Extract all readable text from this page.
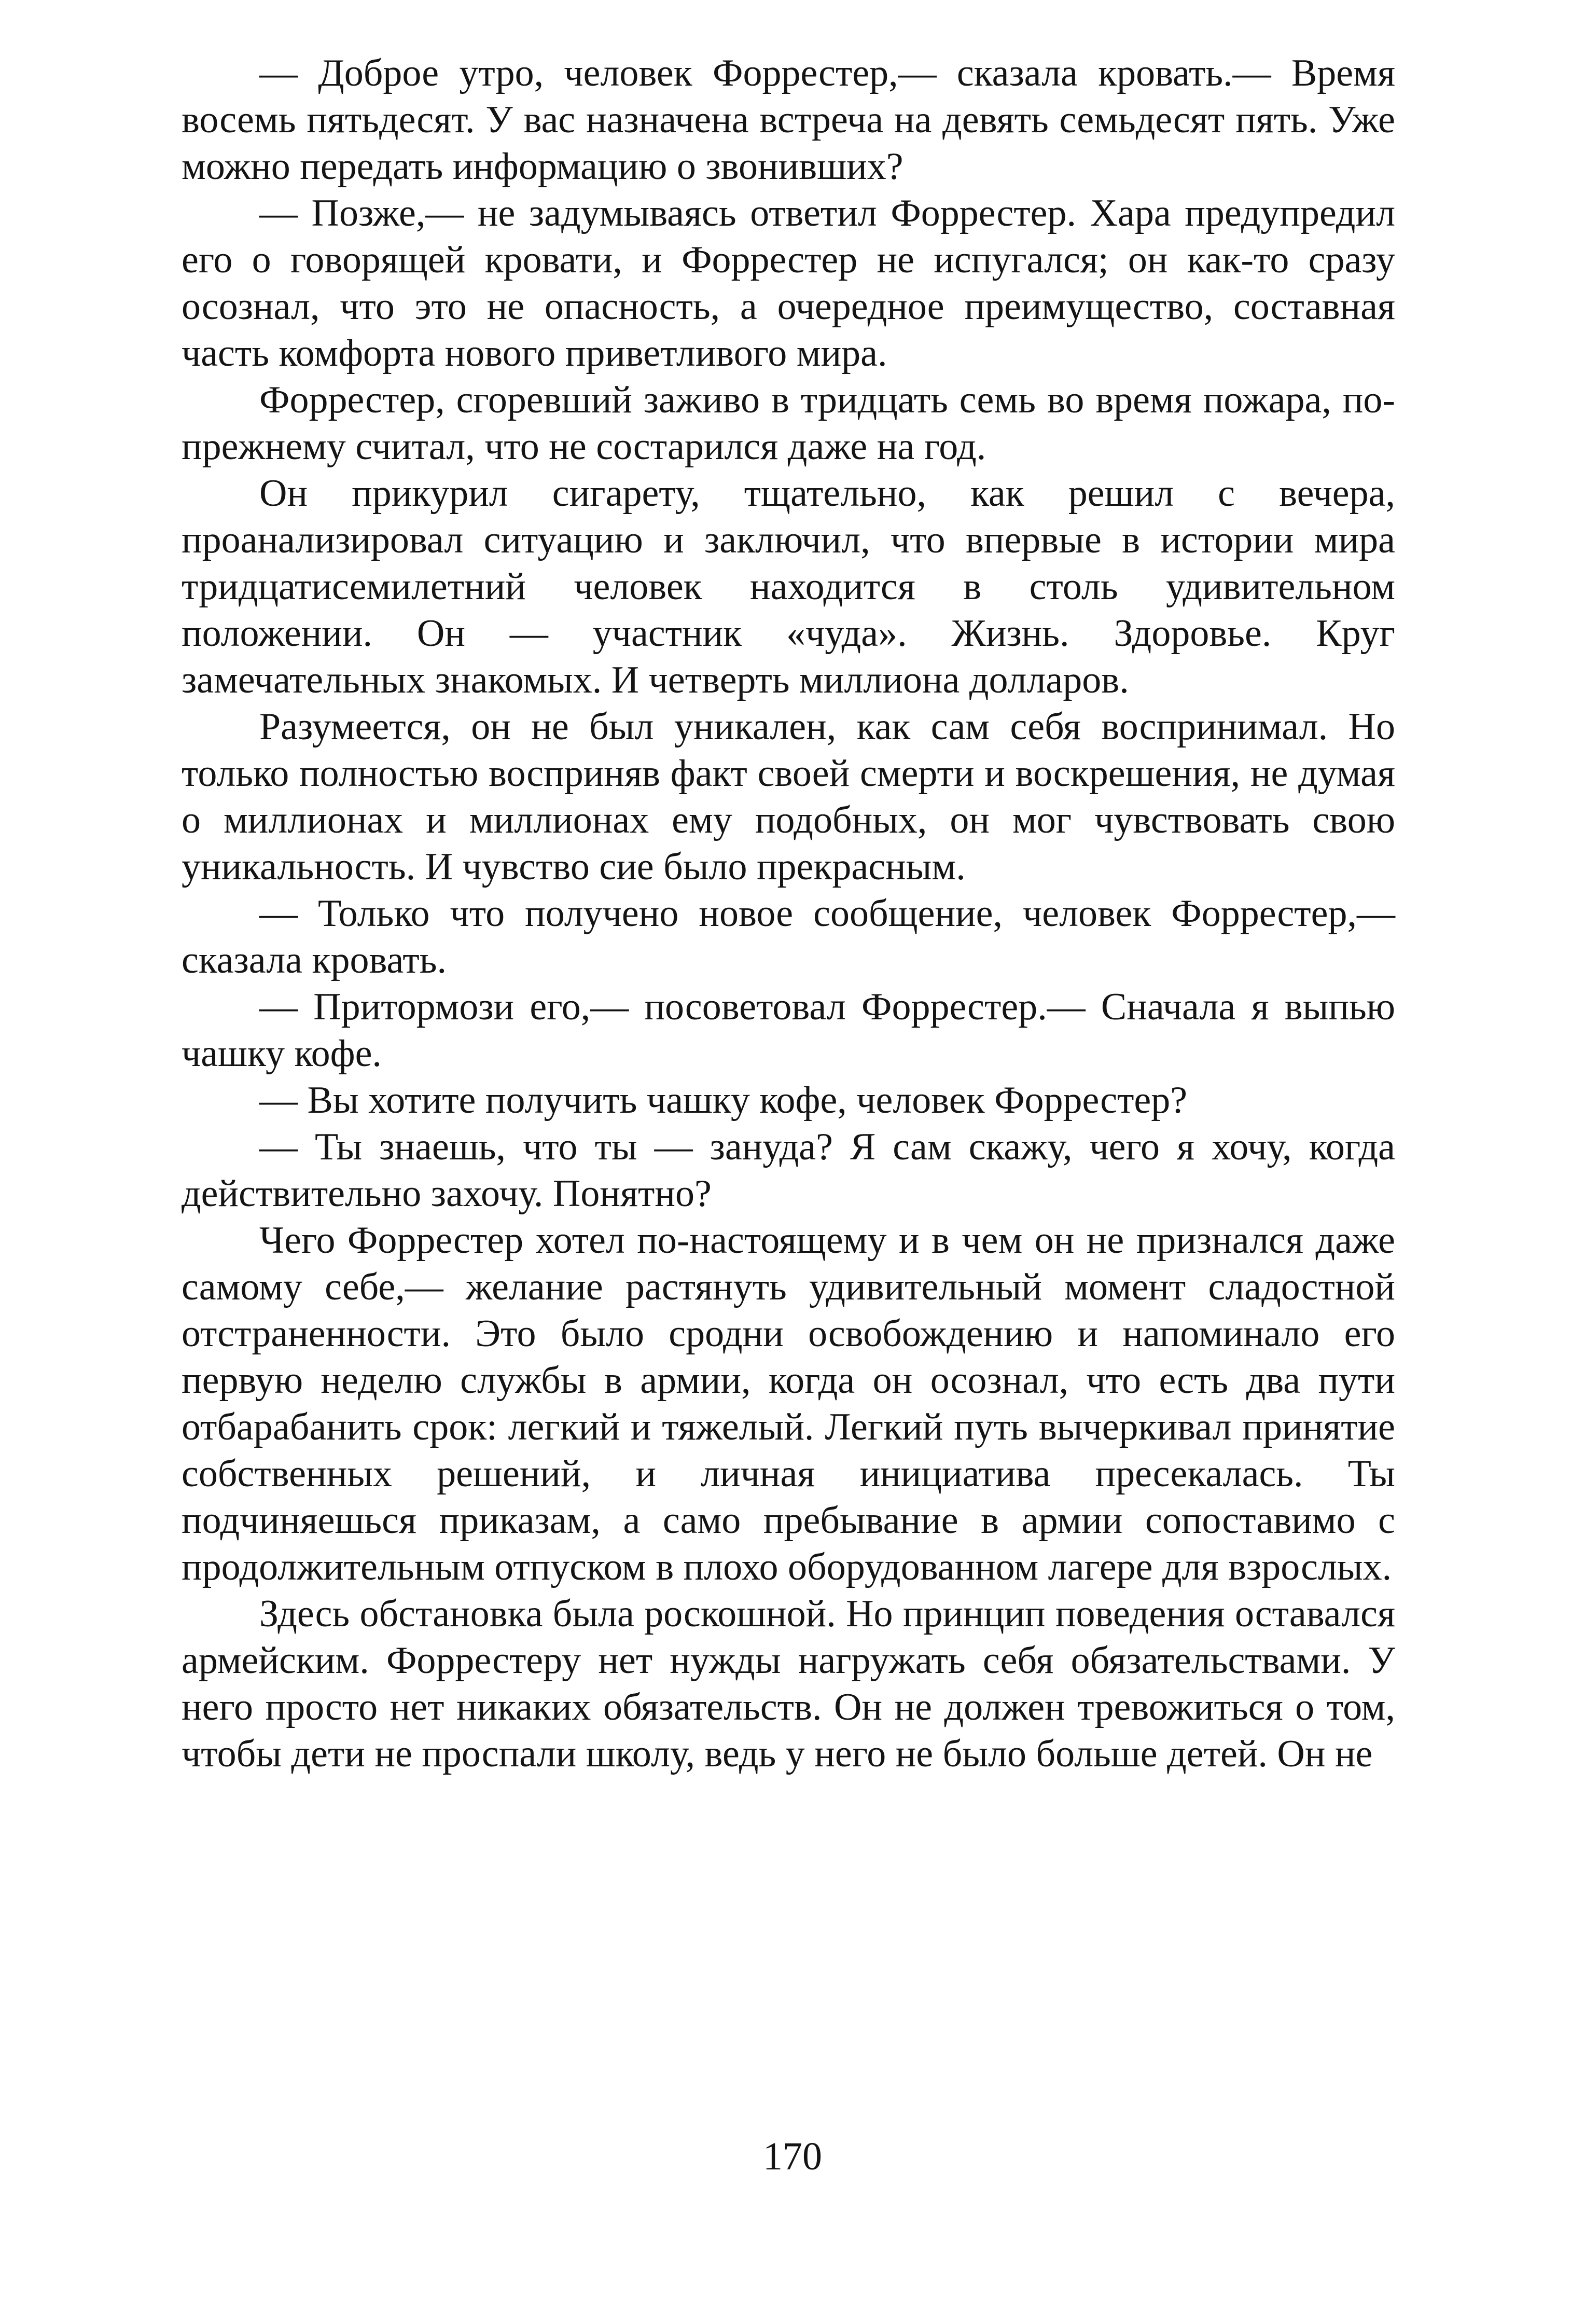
— Доброе утро, человек Форрестер,— сказала кровать.— Время восемь пятьдесят. У вас назначена встреча на девять семьдесят пять. Уже можно передать информацию о звонивших?

— Позже,— не задумываясь ответил Форрестер. Хара предупредил его о говорящей кровати, и Форрестер не испугался; он как-то сразу осознал, что это не опасность, а очередное преимущество, составная часть комфорта нового приветливого мира.

Форрестер, сгоревший заживо в тридцать семь во время пожара, по-прежнему считал, что не состарился даже на год.

Он прикурил сигарету, тщательно, как решил с вечера, проанализировал ситуацию и заключил, что впервые в истории мира тридцатисемилетний человек находится в столь удивительном положении. Он — участник «чуда». Жизнь. Здоровье. Круг замечательных знакомых. И четверть миллиона долларов.

Разумеется, он не был уникален, как сам себя воспринимал. Но только полностью восприняв факт своей смерти и воскрешения, не думая о миллионах и миллионах ему подобных, он мог чувствовать свою уникальность. И чувство сие было прекрасным.

— Только что получено новое сообщение, человек Форрестер,— сказала кровать.

— Притормози его,— посоветовал Форрестер.— Сначала я выпью чашку кофе.

— Вы хотите получить чашку кофе, человек Форрестер?

— Ты знаешь, что ты — зануда? Я сам скажу, чего я хочу, когда действительно захочу. Понятно?

Чего Форрестер хотел по-настоящему и в чем он не признался даже самому себе,— желание растянуть удивительный момент сладостной отстраненности. Это было сродни освобождению и напоминало его первую неделю службы в армии, когда он осознал, что есть два пути отбарабанить срок: легкий и тяжелый. Легкий путь вычеркивал принятие собственных решений, и личная инициатива пресекалась. Ты подчиняешься приказам, а само пребывание в армии сопоставимо с продолжительным отпуском в плохо оборудованном лагере для взрослых.

Здесь обстановка была роскошной. Но принцип поведения оставался армейским. Форрестеру нет нужды нагружать себя обязательствами. У него просто нет никаких обязательств. Он не должен тревожиться о том, чтобы дети не проспали школу, ведь у него не было больше детей. Он не

170
